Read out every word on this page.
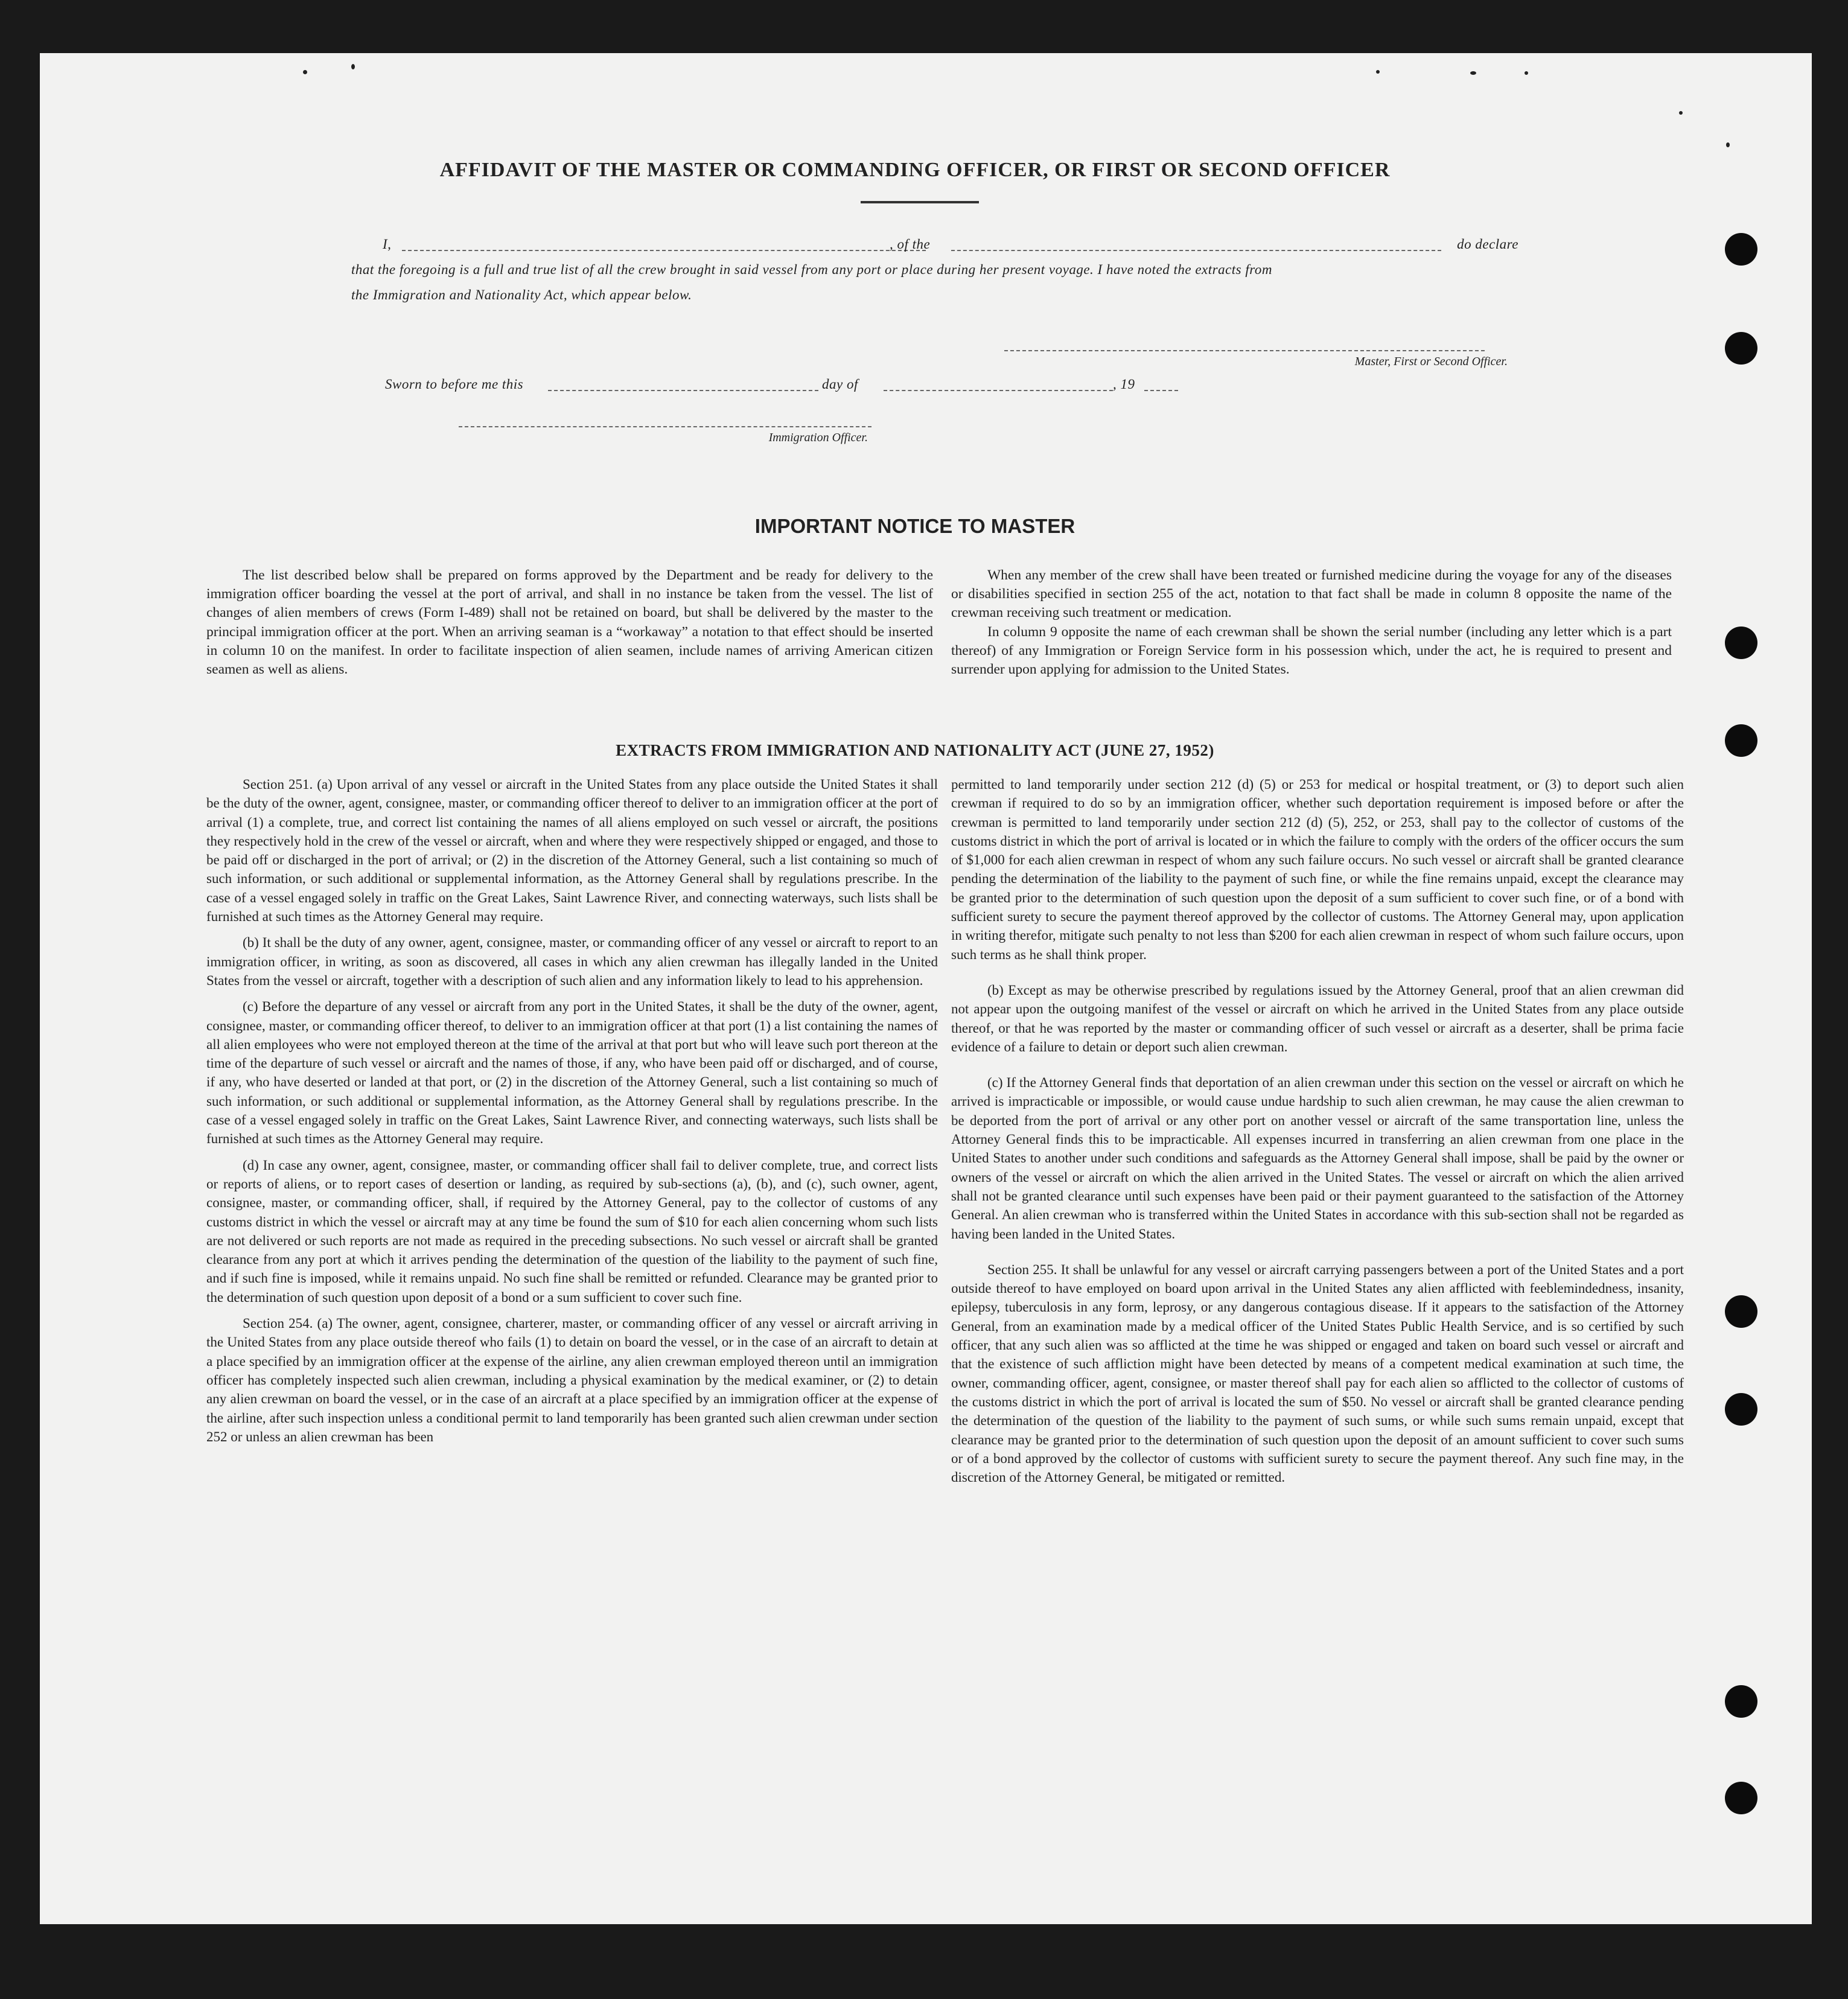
AFFIDAVIT OF THE MASTER OR COMMANDING OFFICER, OR FIRST OR SECOND OFFICER
I,	, of the	do declare
that the foregoing is a full and true list of all the crew brought in said vessel from any port or place during her present voyage. I have noted the extracts from
the Immigration and Nationality Act, which appear below.
Master, First or Second Officer.
Sworn to before me this	day of	, 19
Immigration Officer.
IMPORTANT NOTICE TO MASTER

The list described below shall be prepared on forms approved by the Department and be ready for delivery to the immigration officer boarding the vessel at the port of arrival, and shall in no instance be taken from the vessel. The list of changes of alien members of crews (Form I-489) shall not be retained on board, but shall be delivered by the master to the principal immigration officer at the port. When an arriving seaman is a “workaway” a notation to that effect should be inserted in column 10 on the manifest. In order to facilitate inspection of alien seamen, include names of arriving American citizen seamen as well as aliens.

When any member of the crew shall have been treated or furnished medicine during the voyage for any of the diseases or disabilities specified in section 255 of the act, notation to that fact shall be made in column 8 opposite the name of the crewman receiving such treatment or medication.

In column 9 opposite the name of each crewman shall be shown the serial number (including any letter which is a part thereof) of any Immigration or Foreign Service form in his possession which, under the act, he is required to present and surrender upon applying for admission to the United States.

EXTRACTS FROM IMMIGRATION AND NATIONALITY ACT (JUNE 27, 1952)

Section 251. (a) Upon arrival of any vessel or aircraft in the United States from any place outside the United States it shall be the duty of the owner, agent, consignee, master, or commanding officer thereof to deliver to an immigration officer at the port of arrival (1) a complete, true, and correct list containing the names of all aliens employed on such vessel or aircraft, the positions they respectively hold in the crew of the vessel or aircraft, when and where they were respectively shipped or engaged, and those to be paid off or discharged in the port of arrival; or (2) in the discretion of the Attorney General, such a list containing so much of such information, or such additional or supplemental information, as the Attorney General shall by regulations prescribe. In the case of a vessel engaged solely in traffic on the Great Lakes, Saint Lawrence River, and connecting waterways, such lists shall be furnished at such times as the Attorney General may require.

(b) It shall be the duty of any owner, agent, consignee, master, or commanding officer of any vessel or aircraft to report to an immigration officer, in writing, as soon as discovered, all cases in which any alien crewman has illegally landed in the United States from the vessel or aircraft, together with a description of such alien and any information likely to lead to his apprehension.

(c) Before the departure of any vessel or aircraft from any port in the United States, it shall be the duty of the owner, agent, consignee, master, or commanding officer thereof, to deliver to an immigration officer at that port (1) a list containing the names of all alien employees who were not employed thereon at the time of the arrival at that port but who will leave such port thereon at the time of the departure of such vessel or aircraft and the names of those, if any, who have been paid off or discharged, and of course, if any, who have deserted or landed at that port, or (2) in the discretion of the Attorney General, such a list containing so much of such information, or such additional or supplemental information, as the Attorney General shall by regulations prescribe. In the case of a vessel engaged solely in traffic on the Great Lakes, Saint Lawrence River, and connecting waterways, such lists shall be furnished at such times as the Attorney General may require.

(d) In case any owner, agent, consignee, master, or commanding officer shall fail to deliver complete, true, and correct lists or reports of aliens, or to report cases of desertion or landing, as required by sub-sections (a), (b), and (c), such owner, agent, consignee, master, or commanding officer, shall, if required by the Attorney General, pay to the collector of customs of any customs district in which the vessel or aircraft may at any time be found the sum of $10 for each alien concerning whom such lists are not delivered or such reports are not made as required in the preceding subsections. No such vessel or aircraft shall be granted clearance from any port at which it arrives pending the determination of the question of the liability to the payment of such fine, and if such fine is imposed, while it remains unpaid. No such fine shall be remitted or refunded. Clearance may be granted prior to the determination of such question upon deposit of a bond or a sum sufficient to cover such fine.

Section 254. (a) The owner, agent, consignee, charterer, master, or commanding officer of any vessel or aircraft arriving in the United States from any place outside thereof who fails (1) to detain on board the vessel, or in the case of an aircraft to detain at a place specified by an immigration officer at the expense of the airline, any alien crewman employed thereon until an immigration officer has completely inspected such alien crewman, including a physical examination by the medical examiner, or (2) to detain any alien crewman on board the vessel, or in the case of an aircraft at a place specified by an immigration officer at the expense of the airline, after such inspection unless a conditional permit to land temporarily has been granted such alien crewman under section 252 or unless an alien crewman has been

permitted to land temporarily under section 212 (d) (5) or 253 for medical or hospital treatment, or (3) to deport such alien crewman if required to do so by an immigration officer, whether such deportation requirement is imposed before or after the crewman is permitted to land temporarily under section 212 (d) (5), 252, or 253, shall pay to the collector of customs of the customs district in which the port of arrival is located or in which the failure to comply with the orders of the officer occurs the sum of $1,000 for each alien crewman in respect of whom any such failure occurs. No such vessel or aircraft shall be granted clearance pending the determination of the liability to the payment of such fine, or while the fine remains unpaid, except the clearance may be granted prior to the determination of such question upon the deposit of a sum sufficient to cover such fine, or of a bond with sufficient surety to secure the payment thereof approved by the collector of customs. The Attorney General may, upon application in writing therefor, mitigate such penalty to not less than $200 for each alien crewman in respect of whom such failure occurs, upon such terms as he shall think proper.

(b) Except as may be otherwise prescribed by regulations issued by the Attorney General, proof that an alien crewman did not appear upon the outgoing manifest of the vessel or aircraft on which he arrived in the United States from any place outside thereof, or that he was reported by the master or commanding officer of such vessel or aircraft as a deserter, shall be prima facie evidence of a failure to detain or deport such alien crewman.

(c) If the Attorney General finds that deportation of an alien crewman under this section on the vessel or aircraft on which he arrived is impracticable or impossible, or would cause undue hardship to such alien crewman, he may cause the alien crewman to be deported from the port of arrival or any other port on another vessel or aircraft of the same transportation line, unless the Attorney General finds this to be impracticable. All expenses incurred in transferring an alien crewman from one place in the United States to another under such conditions and safeguards as the Attorney General shall impose, shall be paid by the owner or owners of the vessel or aircraft on which the alien arrived in the United States. The vessel or aircraft on which the alien arrived shall not be granted clearance until such expenses have been paid or their payment guaranteed to the satisfaction of the Attorney General. An alien crewman who is transferred within the United States in accordance with this sub-section shall not be regarded as having been landed in the United States.

Section 255. It shall be unlawful for any vessel or aircraft carrying passengers between a port of the United States and a port outside thereof to have employed on board upon arrival in the United States any alien afflicted with feeblemindedness, insanity, epilepsy, tuberculosis in any form, leprosy, or any dangerous contagious disease. If it appears to the satisfaction of the Attorney General, from an examination made by a medical officer of the United States Public Health Service, and is so certified by such officer, that any such alien was so afflicted at the time he was shipped or engaged and taken on board such vessel or aircraft and that the existence of such affliction might have been detected by means of a competent medical examination at such time, the owner, commanding officer, agent, consignee, or master thereof shall pay for each alien so afflicted to the collector of customs of the customs district in which the port of arrival is located the sum of $50. No vessel or aircraft shall be granted clearance pending the determination of the question of the liability to the payment of such sums, or while such sums remain unpaid, except that clearance may be granted prior to the determination of such question upon the deposit of an amount sufficient to cover such sums or of a bond approved by the collector of customs with sufficient surety to secure the payment thereof. Any such fine may, in the discretion of the Attorney General, be mitigated or remitted.
